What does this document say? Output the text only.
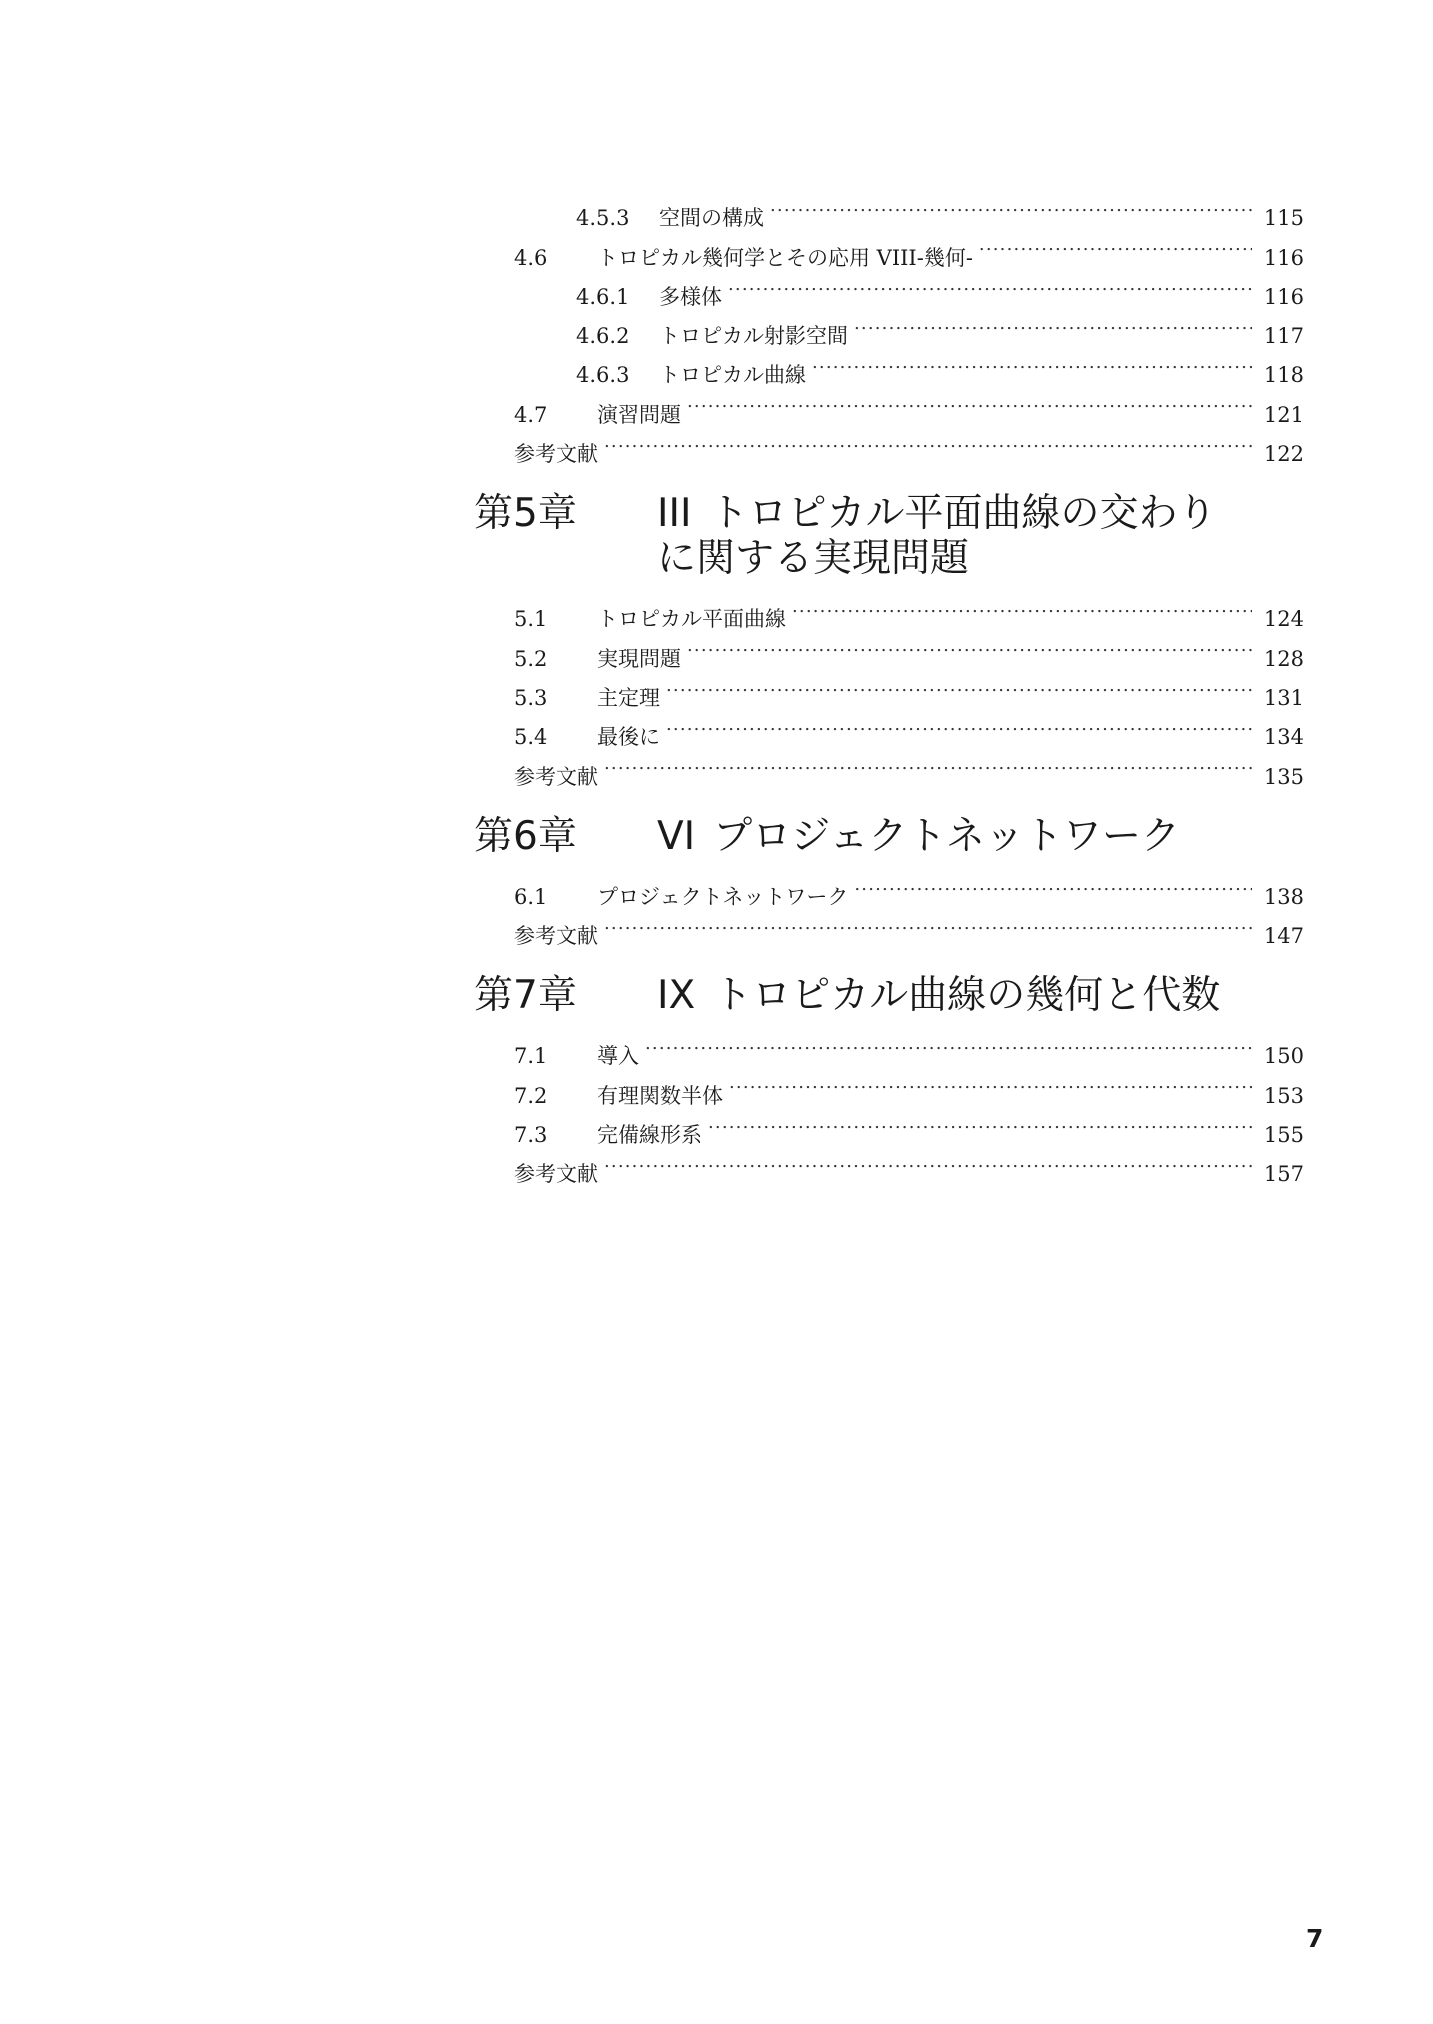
4.5.3	空間の構成 .....	115
4.6	トロピカル幾何学とその応用 VIII-幾何- .....	116
4.6.1	多様体 .....	116
4.6.2	トロピカル射影空間 .....	117
4.6.3	トロピカル曲線 .....	118
4.7	演習問題 .....	121
参考文献 .....	122
第5章	III トロピカル平面曲線の交わりに関する実現問題
5.1	トロピカル平面曲線 .....	124
5.2	実現問題 .....	128
5.3	主定理 .....	131
5.4	最後に .....	134
参考文献 .....	135
第6章	VI プロジェクトネットワーク
6.1	プロジェクトネットワーク .....	138
参考文献 .....	147
第7章	IX トロピカル曲線の幾何と代数
7.1	導入 .....	150
7.2	有理関数半体 .....	153
7.3	完備線形系 .....	155
参考文献 .....	157
7
